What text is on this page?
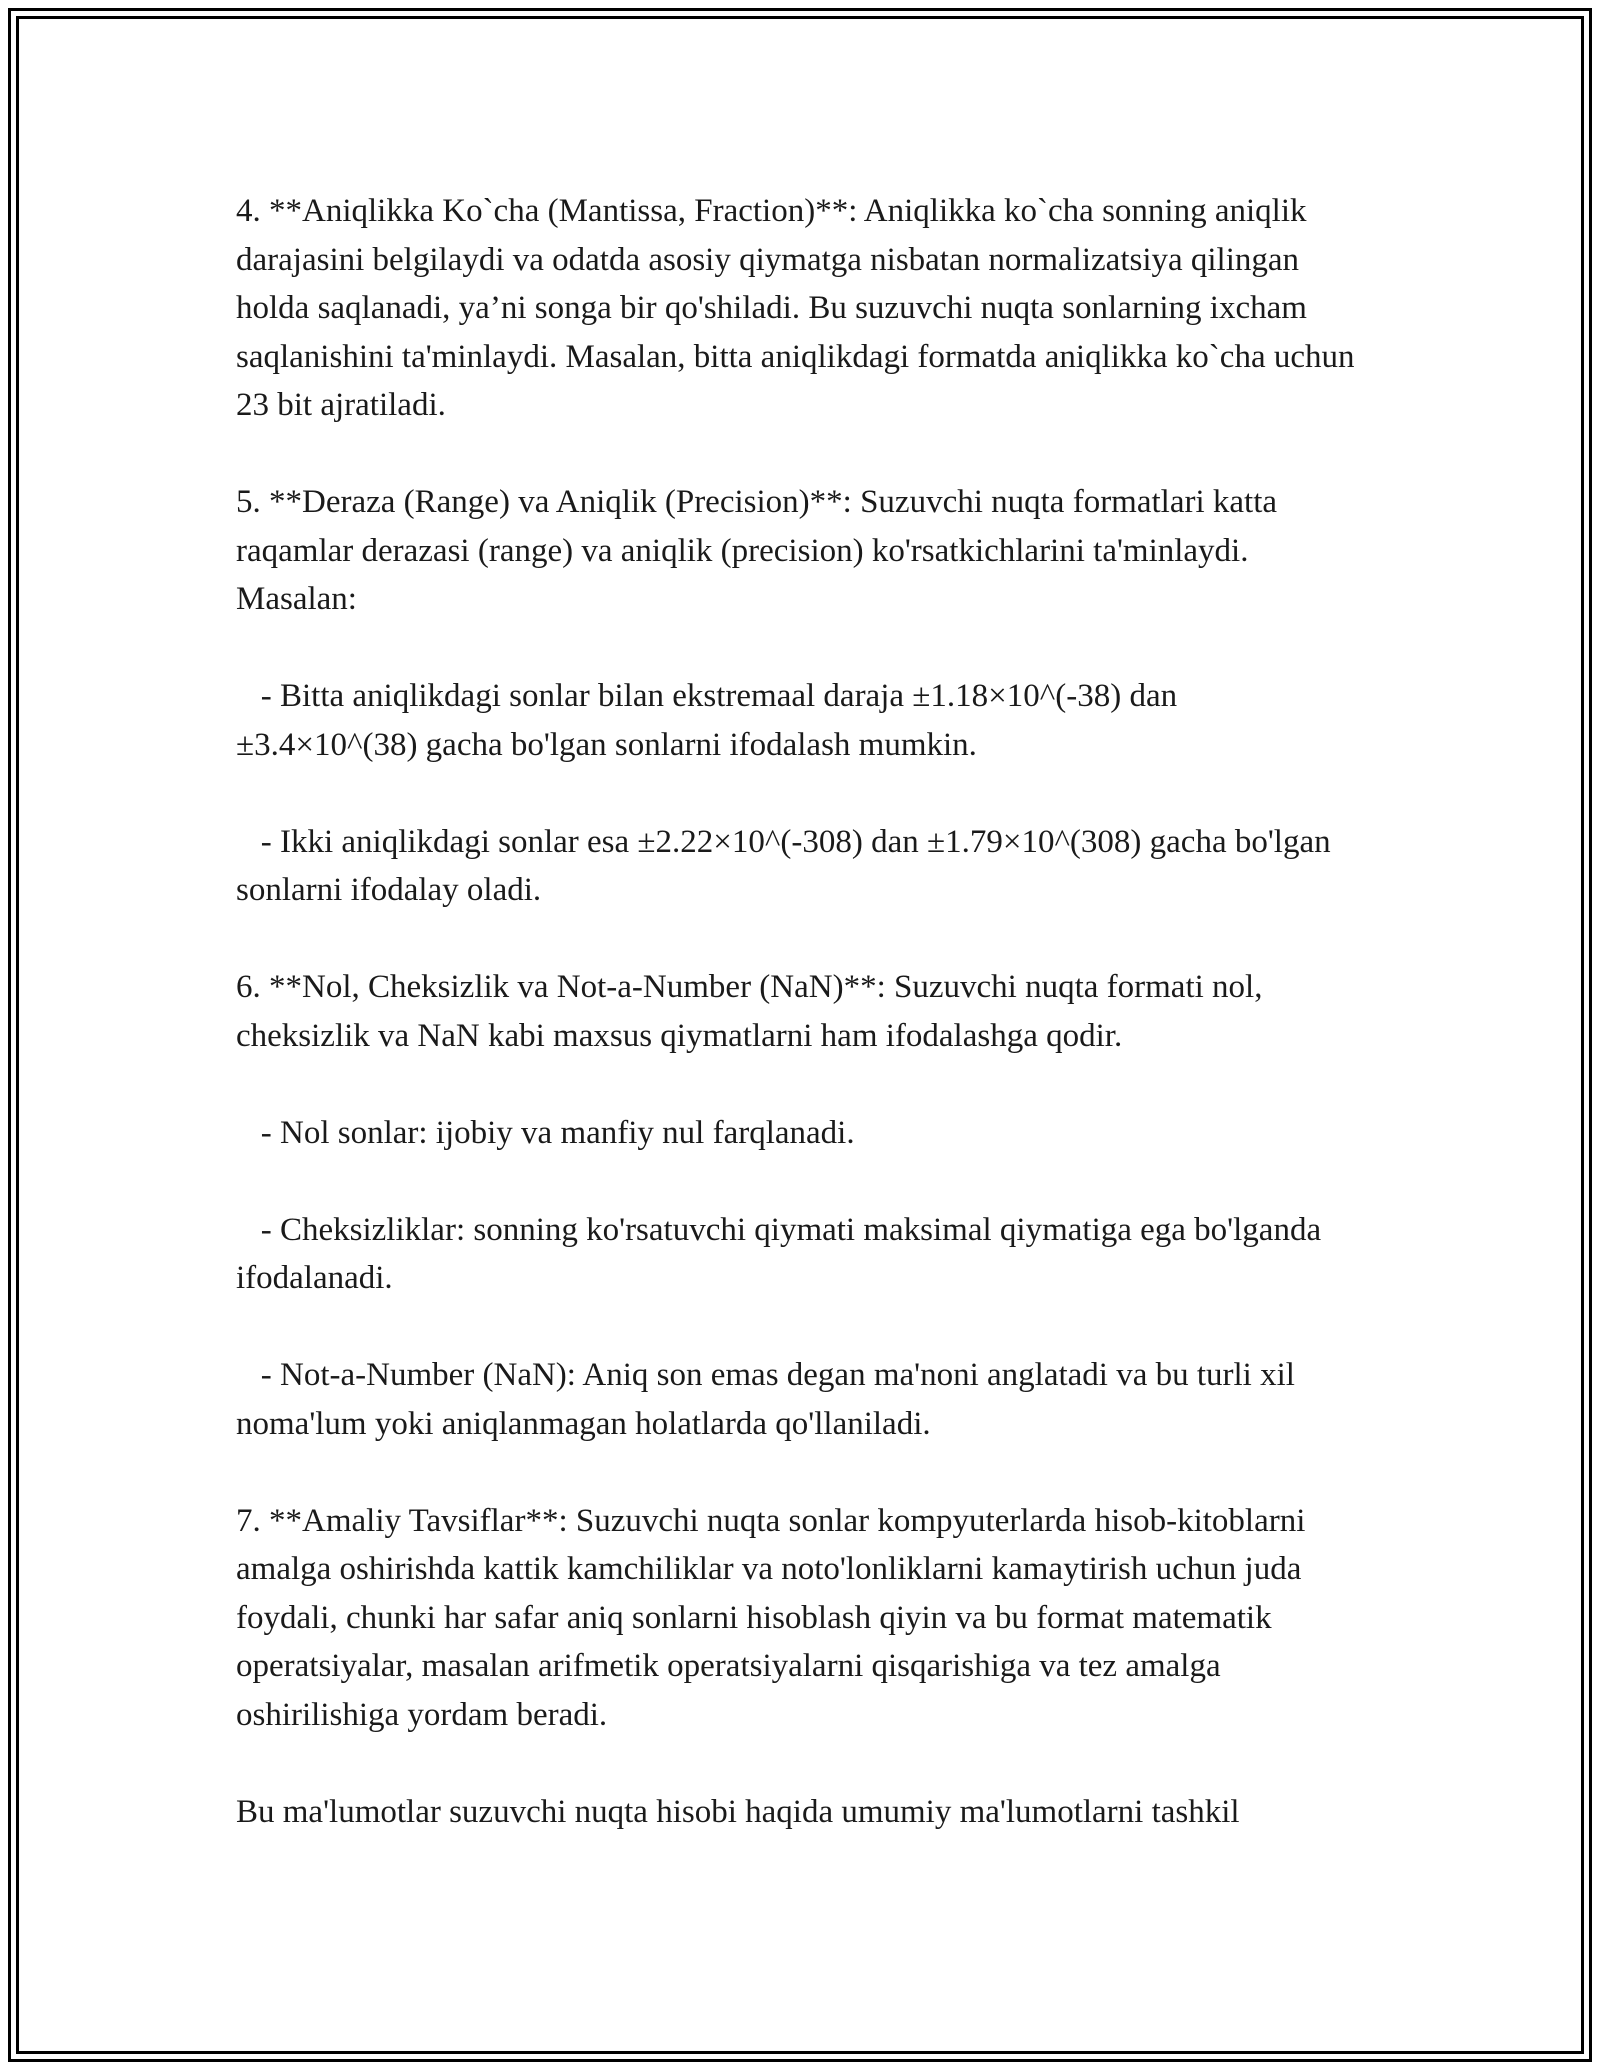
4. **Aniqlikka Ko`cha (Mantissa, Fraction)**: Aniqlikka ko`cha sonning aniqlik darajasini belgilaydi va odatda asosiy qiymatga nisbatan normalizatsiya qilingan holda saqlanadi, ya’ni songa bir qo'shiladi. Bu suzuvchi nuqta sonlarning ixcham saqlanishini ta'minlaydi. Masalan, bitta aniqlikdagi formatda aniqlikka ko`cha uchun 23 bit ajratiladi.

5. **Deraza (Range) va Aniqlik (Precision)**: Suzuvchi nuqta formatlari katta raqamlar derazasi (range) va aniqlik (precision) ko'rsatkichlarini ta'minlaydi. Masalan:

- Bitta aniqlikdagi sonlar bilan ekstremaal daraja ±1.18×10^(-38) dan ±3.4×10^(38) gacha bo'lgan sonlarni ifodalash mumkin.

- Ikki aniqlikdagi sonlar esa ±2.22×10^(-308) dan ±1.79×10^(308) gacha bo'lgan sonlarni ifodalay oladi.

6. **Nol, Cheksizlik va Not-a-Number (NaN)**: Suzuvchi nuqta formati nol, cheksizlik va NaN kabi maxsus qiymatlarni ham ifodalashga qodir.

- Nol sonlar: ijobiy va manfiy nul farqlanadi.

- Cheksizliklar: sonning ko'rsatuvchi qiymati maksimal qiymatiga ega bo'lganda ifodalanadi.

- Not-a-Number (NaN): Aniq son emas degan ma'noni anglatadi va bu turli xil noma'lum yoki aniqlanmagan holatlarda qo'llaniladi.

7. **Amaliy Tavsiflar**: Suzuvchi nuqta sonlar kompyuterlarda hisob-kitoblarni amalga oshirishda kattik kamchiliklar va noto'lonliklarni kamaytirish uchun juda foydali, chunki har safar aniq sonlarni hisoblash qiyin va bu format matematik operatsiyalar, masalan arifmetik operatsiyalarni qisqarishiga va tez amalga oshirilishiga yordam beradi.

Bu ma'lumotlar suzuvchi nuqta hisobi haqida umumiy ma'lumotlarni tashkil
